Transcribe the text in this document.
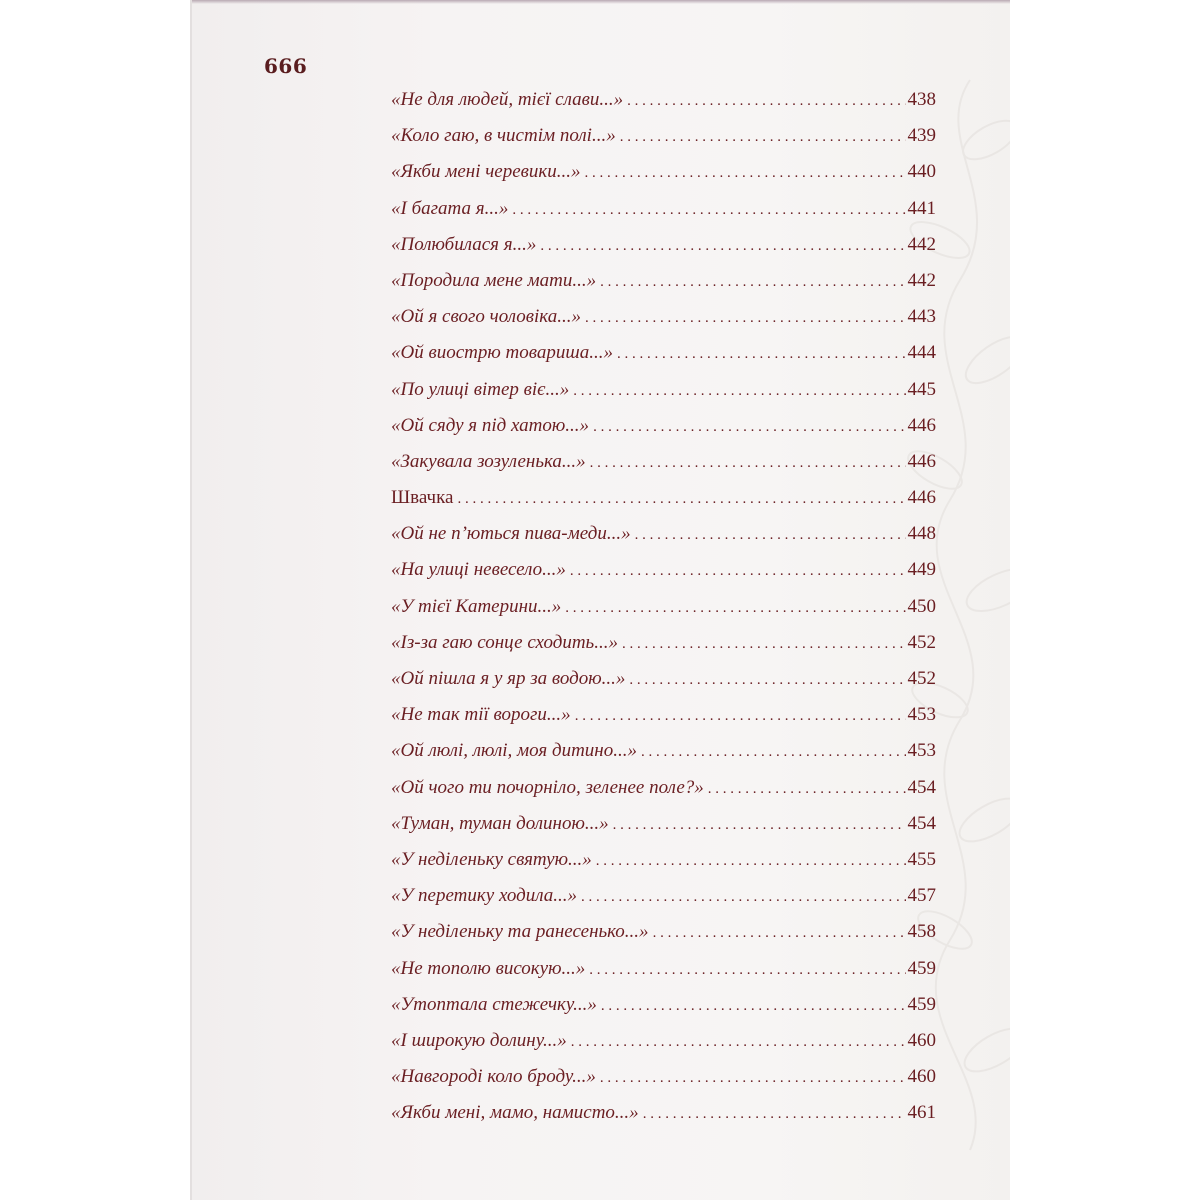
666
«Не для людей, тієї слави...» . . .	438
«Коло гаю, в чистім полі...» . . .	439
«Якби мені черевики...» . . .	440
«І багата я...» . . .	441
«Полюбилася я...» . . .	442
«Породила мене мати...» . . .	442
«Ой я свого чоловіка...» . . .	443
«Ой виострю товариша...» . . .	444
«По улиці вітер віє...» . . .	445
«Ой сяду я під хатою...» . . .	446
«Закувала зозуленька...» . . .	446
Швачка . . .	446
«Ой не п’ються пива-меди...» . . .	448
«На улиці невесело...» . . .	449
«У тієї Катерини...» . . .	450
«Із-за гаю сонце сходить...» . . .	452
«Ой пішла я у яр за водою...» . . .	452
«Не так тії вороги...» . . .	453
«Ой люлі, люлі, моя дитино...» . . .	453
«Ой чого ти почорніло, зеленее поле?» . . .	454
«Туман, туман долиною...» . . .	454
«У неділеньку святую...» . . .	455
«У перетику ходила...» . . .	457
«У неділеньку та ранесенько...» . . .	458
«Не тополю високую...» . . .	459
«Утоптала стежечку...» . . .	459
«І широкую долину...» . . .	460
«Навгороді коло броду...» . . .	460
«Якби мені, мамо, намисто...» . . .	461
